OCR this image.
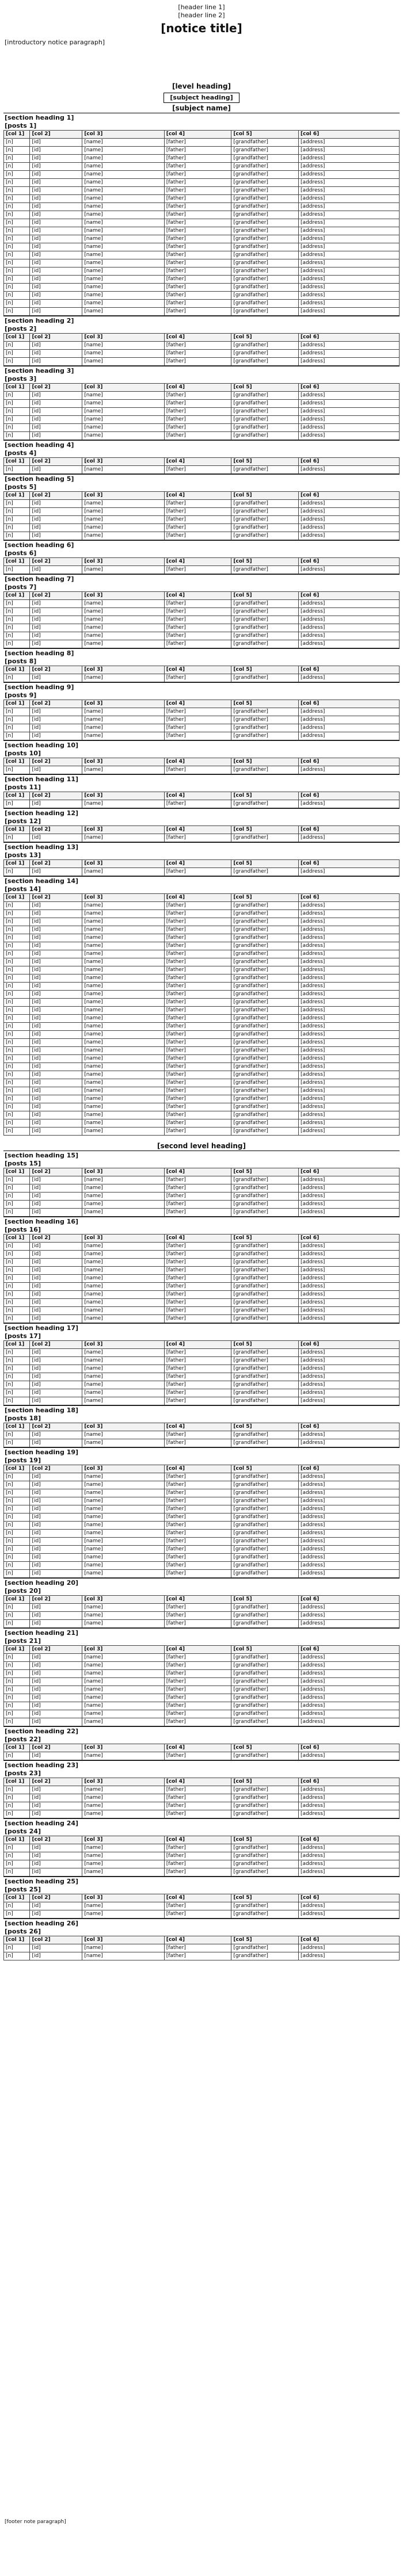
[header line 1]
[header line 2]
[notice title]
[introductory notice paragraph]
[level heading]
[subject heading]
[subject name]
[section heading 1]
[posts 1]
[col 1]	[col 2]	[col 3]	[col 4]	[col 5]	[col 6]
[n]	[id]	[name]	[father]	[grandfather]	[address]
[n]	[id]	[name]	[father]	[grandfather]	[address]
[n]	[id]	[name]	[father]	[grandfather]	[address]
[n]	[id]	[name]	[father]	[grandfather]	[address]
[n]	[id]	[name]	[father]	[grandfather]	[address]
[n]	[id]	[name]	[father]	[grandfather]	[address]
[n]	[id]	[name]	[father]	[grandfather]	[address]
[n]	[id]	[name]	[father]	[grandfather]	[address]
[n]	[id]	[name]	[father]	[grandfather]	[address]
[n]	[id]	[name]	[father]	[grandfather]	[address]
[n]	[id]	[name]	[father]	[grandfather]	[address]
[n]	[id]	[name]	[father]	[grandfather]	[address]
[n]	[id]	[name]	[father]	[grandfather]	[address]
[n]	[id]	[name]	[father]	[grandfather]	[address]
[n]	[id]	[name]	[father]	[grandfather]	[address]
[n]	[id]	[name]	[father]	[grandfather]	[address]
[n]	[id]	[name]	[father]	[grandfather]	[address]
[n]	[id]	[name]	[father]	[grandfather]	[address]
[n]	[id]	[name]	[father]	[grandfather]	[address]
[n]	[id]	[name]	[father]	[grandfather]	[address]
[n]	[id]	[name]	[father]	[grandfather]	[address]
[n]	[id]	[name]	[father]	[grandfather]	[address]
[section heading 2]
[posts 2]
[col 1]	[col 2]	[col 3]	[col 4]	[col 5]	[col 6]
[n]	[id]	[name]	[father]	[grandfather]	[address]
[n]	[id]	[name]	[father]	[grandfather]	[address]
[n]	[id]	[name]	[father]	[grandfather]	[address]
[section heading 3]
[posts 3]
[col 1]	[col 2]	[col 3]	[col 4]	[col 5]	[col 6]
[n]	[id]	[name]	[father]	[grandfather]	[address]
[n]	[id]	[name]	[father]	[grandfather]	[address]
[n]	[id]	[name]	[father]	[grandfather]	[address]
[n]	[id]	[name]	[father]	[grandfather]	[address]
[n]	[id]	[name]	[father]	[grandfather]	[address]
[n]	[id]	[name]	[father]	[grandfather]	[address]
[section heading 4]
[posts 4]
[col 1]	[col 2]	[col 3]	[col 4]	[col 5]	[col 6]
[n]	[id]	[name]	[father]	[grandfather]	[address]
[section heading 5]
[posts 5]
[col 1]	[col 2]	[col 3]	[col 4]	[col 5]	[col 6]
[n]	[id]	[name]	[father]	[grandfather]	[address]
[n]	[id]	[name]	[father]	[grandfather]	[address]
[n]	[id]	[name]	[father]	[grandfather]	[address]
[n]	[id]	[name]	[father]	[grandfather]	[address]
[n]	[id]	[name]	[father]	[grandfather]	[address]
[section heading 6]
[posts 6]
[col 1]	[col 2]	[col 3]	[col 4]	[col 5]	[col 6]
[n]	[id]	[name]	[father]	[grandfather]	[address]
[section heading 7]
[posts 7]
[col 1]	[col 2]	[col 3]	[col 4]	[col 5]	[col 6]
[n]	[id]	[name]	[father]	[grandfather]	[address]
[n]	[id]	[name]	[father]	[grandfather]	[address]
[n]	[id]	[name]	[father]	[grandfather]	[address]
[n]	[id]	[name]	[father]	[grandfather]	[address]
[n]	[id]	[name]	[father]	[grandfather]	[address]
[n]	[id]	[name]	[father]	[grandfather]	[address]
[section heading 8]
[posts 8]
[col 1]	[col 2]	[col 3]	[col 4]	[col 5]	[col 6]
[n]	[id]	[name]	[father]	[grandfather]	[address]
[section heading 9]
[posts 9]
[col 1]	[col 2]	[col 3]	[col 4]	[col 5]	[col 6]
[n]	[id]	[name]	[father]	[grandfather]	[address]
[n]	[id]	[name]	[father]	[grandfather]	[address]
[n]	[id]	[name]	[father]	[grandfather]	[address]
[n]	[id]	[name]	[father]	[grandfather]	[address]
[section heading 10]
[posts 10]
[col 1]	[col 2]	[col 3]	[col 4]	[col 5]	[col 6]
[n]	[id]	[name]	[father]	[grandfather]	[address]
[section heading 11]
[posts 11]
[col 1]	[col 2]	[col 3]	[col 4]	[col 5]	[col 6]
[n]	[id]	[name]	[father]	[grandfather]	[address]
[section heading 12]
[posts 12]
[col 1]	[col 2]	[col 3]	[col 4]	[col 5]	[col 6]
[n]	[id]	[name]	[father]	[grandfather]	[address]
[section heading 13]
[posts 13]
[col 1]	[col 2]	[col 3]	[col 4]	[col 5]	[col 6]
[n]	[id]	[name]	[father]	[grandfather]	[address]
[section heading 14]
[posts 14]
[col 1]	[col 2]	[col 3]	[col 4]	[col 5]	[col 6]
[n]	[id]	[name]	[father]	[grandfather]	[address]
[n]	[id]	[name]	[father]	[grandfather]	[address]
[n]	[id]	[name]	[father]	[grandfather]	[address]
[n]	[id]	[name]	[father]	[grandfather]	[address]
[n]	[id]	[name]	[father]	[grandfather]	[address]
[n]	[id]	[name]	[father]	[grandfather]	[address]
[n]	[id]	[name]	[father]	[grandfather]	[address]
[n]	[id]	[name]	[father]	[grandfather]	[address]
[n]	[id]	[name]	[father]	[grandfather]	[address]
[n]	[id]	[name]	[father]	[grandfather]	[address]
[n]	[id]	[name]	[father]	[grandfather]	[address]
[n]	[id]	[name]	[father]	[grandfather]	[address]
[n]	[id]	[name]	[father]	[grandfather]	[address]
[n]	[id]	[name]	[father]	[grandfather]	[address]
[n]	[id]	[name]	[father]	[grandfather]	[address]
[n]	[id]	[name]	[father]	[grandfather]	[address]
[n]	[id]	[name]	[father]	[grandfather]	[address]
[n]	[id]	[name]	[father]	[grandfather]	[address]
[n]	[id]	[name]	[father]	[grandfather]	[address]
[n]	[id]	[name]	[father]	[grandfather]	[address]
[n]	[id]	[name]	[father]	[grandfather]	[address]
[n]	[id]	[name]	[father]	[grandfather]	[address]
[n]	[id]	[name]	[father]	[grandfather]	[address]
[n]	[id]	[name]	[father]	[grandfather]	[address]
[n]	[id]	[name]	[father]	[grandfather]	[address]
[n]	[id]	[name]	[father]	[grandfather]	[address]
[n]	[id]	[name]	[father]	[grandfather]	[address]
[n]	[id]	[name]	[father]	[grandfather]	[address]
[n]	[id]	[name]	[father]	[grandfather]	[address]
[second level heading]
[section heading 15]
[posts 15]
[col 1]	[col 2]	[col 3]	[col 4]	[col 5]	[col 6]
[n]	[id]	[name]	[father]	[grandfather]	[address]
[n]	[id]	[name]	[father]	[grandfather]	[address]
[n]	[id]	[name]	[father]	[grandfather]	[address]
[n]	[id]	[name]	[father]	[grandfather]	[address]
[n]	[id]	[name]	[father]	[grandfather]	[address]
[section heading 16]
[posts 16]
[col 1]	[col 2]	[col 3]	[col 4]	[col 5]	[col 6]
[n]	[id]	[name]	[father]	[grandfather]	[address]
[n]	[id]	[name]	[father]	[grandfather]	[address]
[n]	[id]	[name]	[father]	[grandfather]	[address]
[n]	[id]	[name]	[father]	[grandfather]	[address]
[n]	[id]	[name]	[father]	[grandfather]	[address]
[n]	[id]	[name]	[father]	[grandfather]	[address]
[n]	[id]	[name]	[father]	[grandfather]	[address]
[n]	[id]	[name]	[father]	[grandfather]	[address]
[n]	[id]	[name]	[father]	[grandfather]	[address]
[n]	[id]	[name]	[father]	[grandfather]	[address]
[section heading 17]
[posts 17]
[col 1]	[col 2]	[col 3]	[col 4]	[col 5]	[col 6]
[n]	[id]	[name]	[father]	[grandfather]	[address]
[n]	[id]	[name]	[father]	[grandfather]	[address]
[n]	[id]	[name]	[father]	[grandfather]	[address]
[n]	[id]	[name]	[father]	[grandfather]	[address]
[n]	[id]	[name]	[father]	[grandfather]	[address]
[n]	[id]	[name]	[father]	[grandfather]	[address]
[n]	[id]	[name]	[father]	[grandfather]	[address]
[section heading 18]
[posts 18]
[col 1]	[col 2]	[col 3]	[col 4]	[col 5]	[col 6]
[n]	[id]	[name]	[father]	[grandfather]	[address]
[n]	[id]	[name]	[father]	[grandfather]	[address]
[section heading 19]
[posts 19]
[col 1]	[col 2]	[col 3]	[col 4]	[col 5]	[col 6]
[n]	[id]	[name]	[father]	[grandfather]	[address]
[n]	[id]	[name]	[father]	[grandfather]	[address]
[n]	[id]	[name]	[father]	[grandfather]	[address]
[n]	[id]	[name]	[father]	[grandfather]	[address]
[n]	[id]	[name]	[father]	[grandfather]	[address]
[n]	[id]	[name]	[father]	[grandfather]	[address]
[n]	[id]	[name]	[father]	[grandfather]	[address]
[n]	[id]	[name]	[father]	[grandfather]	[address]
[n]	[id]	[name]	[father]	[grandfather]	[address]
[n]	[id]	[name]	[father]	[grandfather]	[address]
[n]	[id]	[name]	[father]	[grandfather]	[address]
[n]	[id]	[name]	[father]	[grandfather]	[address]
[n]	[id]	[name]	[father]	[grandfather]	[address]
[section heading 20]
[posts 20]
[col 1]	[col 2]	[col 3]	[col 4]	[col 5]	[col 6]
[n]	[id]	[name]	[father]	[grandfather]	[address]
[n]	[id]	[name]	[father]	[grandfather]	[address]
[n]	[id]	[name]	[father]	[grandfather]	[address]
[section heading 21]
[posts 21]
[col 1]	[col 2]	[col 3]	[col 4]	[col 5]	[col 6]
[n]	[id]	[name]	[father]	[grandfather]	[address]
[n]	[id]	[name]	[father]	[grandfather]	[address]
[n]	[id]	[name]	[father]	[grandfather]	[address]
[n]	[id]	[name]	[father]	[grandfather]	[address]
[n]	[id]	[name]	[father]	[grandfather]	[address]
[n]	[id]	[name]	[father]	[grandfather]	[address]
[n]	[id]	[name]	[father]	[grandfather]	[address]
[n]	[id]	[name]	[father]	[grandfather]	[address]
[n]	[id]	[name]	[father]	[grandfather]	[address]
[section heading 22]
[posts 22]
[col 1]	[col 2]	[col 3]	[col 4]	[col 5]	[col 6]
[n]	[id]	[name]	[father]	[grandfather]	[address]
[section heading 23]
[posts 23]
[col 1]	[col 2]	[col 3]	[col 4]	[col 5]	[col 6]
[n]	[id]	[name]	[father]	[grandfather]	[address]
[n]	[id]	[name]	[father]	[grandfather]	[address]
[n]	[id]	[name]	[father]	[grandfather]	[address]
[n]	[id]	[name]	[father]	[grandfather]	[address]
[section heading 24]
[posts 24]
[col 1]	[col 2]	[col 3]	[col 4]	[col 5]	[col 6]
[n]	[id]	[name]	[father]	[grandfather]	[address]
[n]	[id]	[name]	[father]	[grandfather]	[address]
[n]	[id]	[name]	[father]	[grandfather]	[address]
[n]	[id]	[name]	[father]	[grandfather]	[address]
[section heading 25]
[posts 25]
[col 1]	[col 2]	[col 3]	[col 4]	[col 5]	[col 6]
[n]	[id]	[name]	[father]	[grandfather]	[address]
[n]	[id]	[name]	[father]	[grandfather]	[address]
[section heading 26]
[posts 26]
[col 1]	[col 2]	[col 3]	[col 4]	[col 5]	[col 6]
[n]	[id]	[name]	[father]	[grandfather]	[address]
[n]	[id]	[name]	[father]	[grandfather]	[address]
[footer note paragraph]
